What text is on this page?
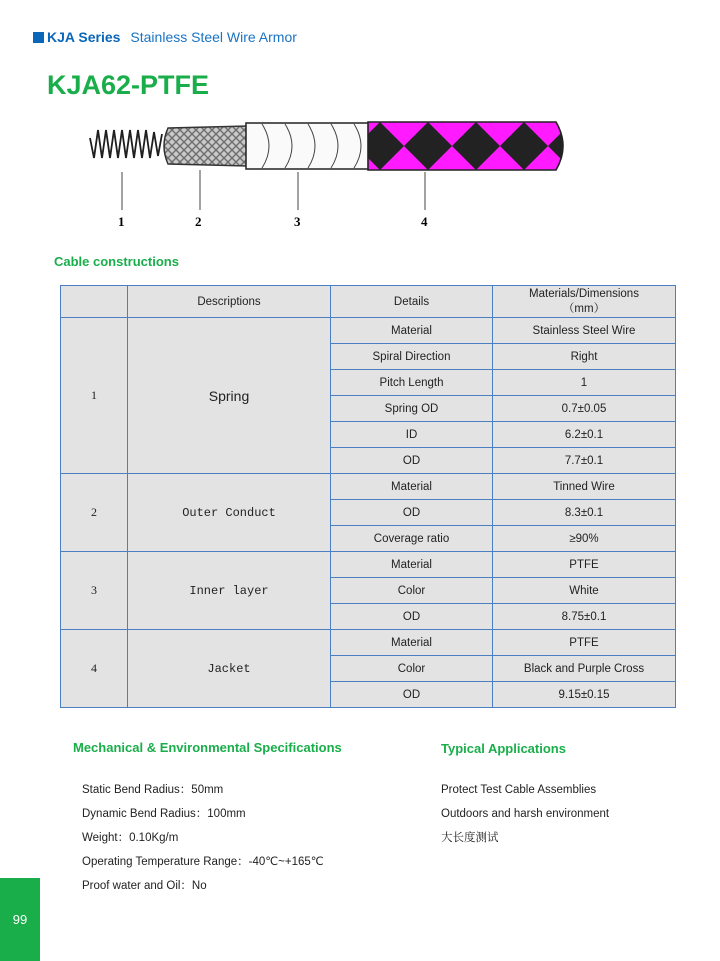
KJA Series Stainless Steel Wire Armor
KJA62-PTFE
1	2	3	4
Cable constructions
	Descriptions	Details	Materials/Dimensions
（mm）

1	Spring	Material	Stainless Steel Wire
		Spiral Direction	Right
		Pitch Length	1
		Spring OD	0.7±0.05
		ID	6.2±0.1
		OD	7.7±0.1
2	Outer Conduct	Material	Tinned Wire
		OD	8.3±0.1
		Coverage ratio	≥90%
3	Inner layer	Material	PTFE
		Color	White
		OD	8.75±0.1
4	Jacket	Material	PTFE
		Color	Black and Purple Cross
		OD	9.15±0.15
Mechanical & Environmental Specifications	Typical Applications
Static Bend Radius：50mm
Dynamic Bend Radius：100mm
Weight：0.10Kg/m
Operating Temperature Range：-40℃~+165℃
Proof water and Oil：No
Protect Test Cable Assemblies
Outdoors and harsh environment
大长度测试
99
